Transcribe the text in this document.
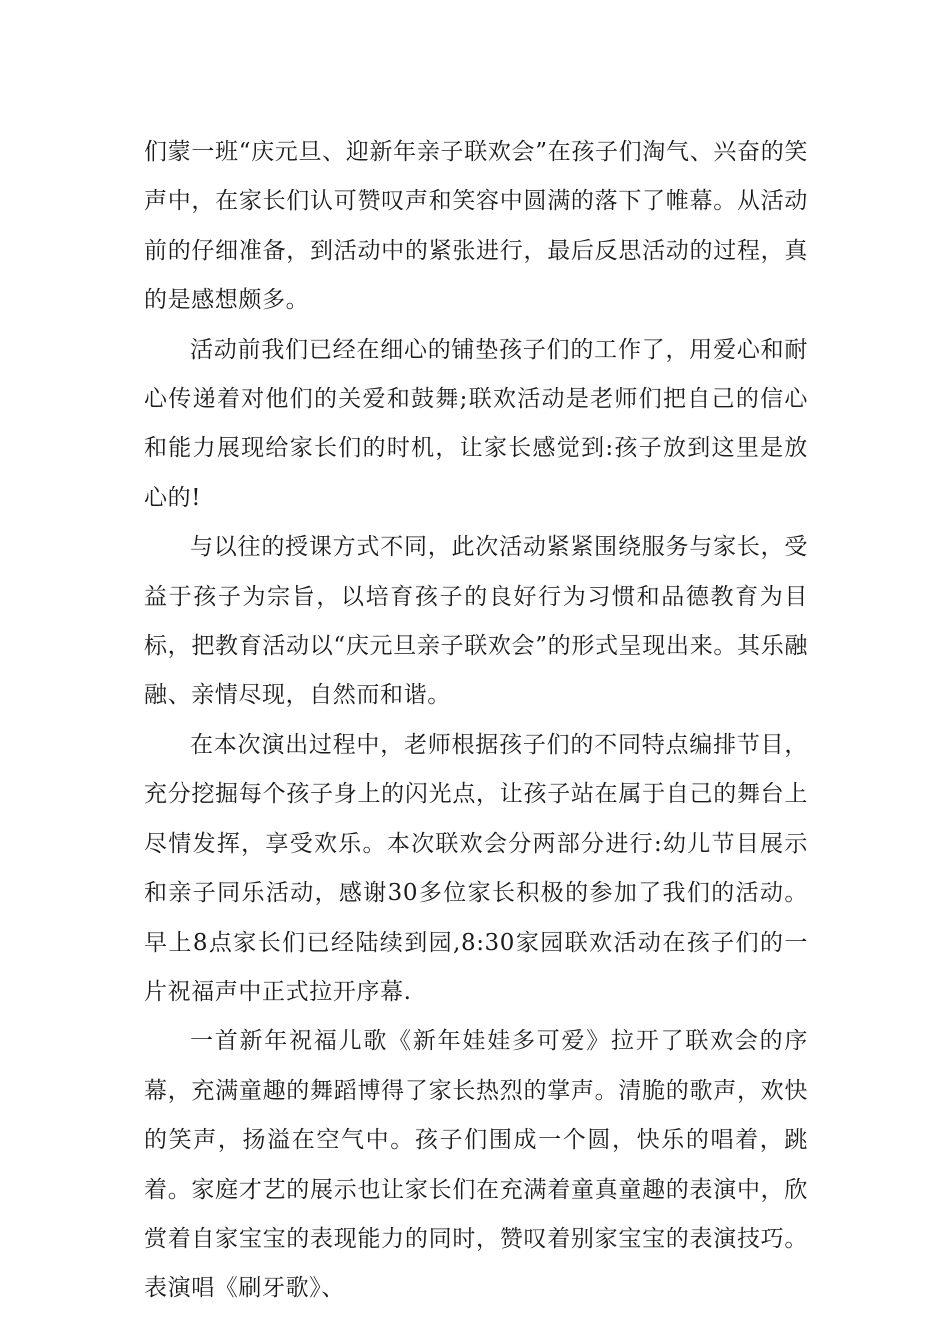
们蒙一班“庆元旦、迎新年亲子联欢会”在孩子们淘气、兴奋的笑声中，在家长们认可赞叹声和笑容中圆满的落下了帷幕。从活动前的仔细准备，到活动中的紧张进行，最后反思活动的过程，真的是感想颇多。

活动前我们已经在细心的铺垫孩子们的工作了，用爱心和耐心传递着对他们的关爱和鼓舞;联欢活动是老师们把自己的信心和能力展现给家长们的时机，让家长感觉到:孩子放到这里是放心的!

与以往的授课方式不同，此次活动紧紧围绕服务与家长，受益于孩子为宗旨，以培育孩子的良好行为习惯和品德教育为目标，把教育活动以“庆元旦亲子联欢会”的形式呈现出来。其乐融融、亲情尽现，自然而和谐。

在本次演出过程中，老师根据孩子们的不同特点编排节目，充分挖掘每个孩子身上的闪光点，让孩子站在属于自己的舞台上尽情发挥，享受欢乐。本次联欢会分两部分进行:幼儿节目展示和亲子同乐活动，感谢30多位家长积极的参加了我们的活动。早上8点家长们已经陆续到园,8:30家园联欢活动在孩子们的一片祝福声中正式拉开序幕.

一首新年祝福儿歌《新年娃娃多可爱》拉开了联欢会的序幕，充满童趣的舞蹈博得了家长热烈的掌声。清脆的歌声，欢快的笑声，扬溢在空气中。孩子们围成一个圆，快乐的唱着，跳着。家庭才艺的展示也让家长们在充满着童真童趣的表演中，欣赏着自家宝宝的表现能力的同时，赞叹着别家宝宝的表演技巧。表演唱《刷牙歌》、
